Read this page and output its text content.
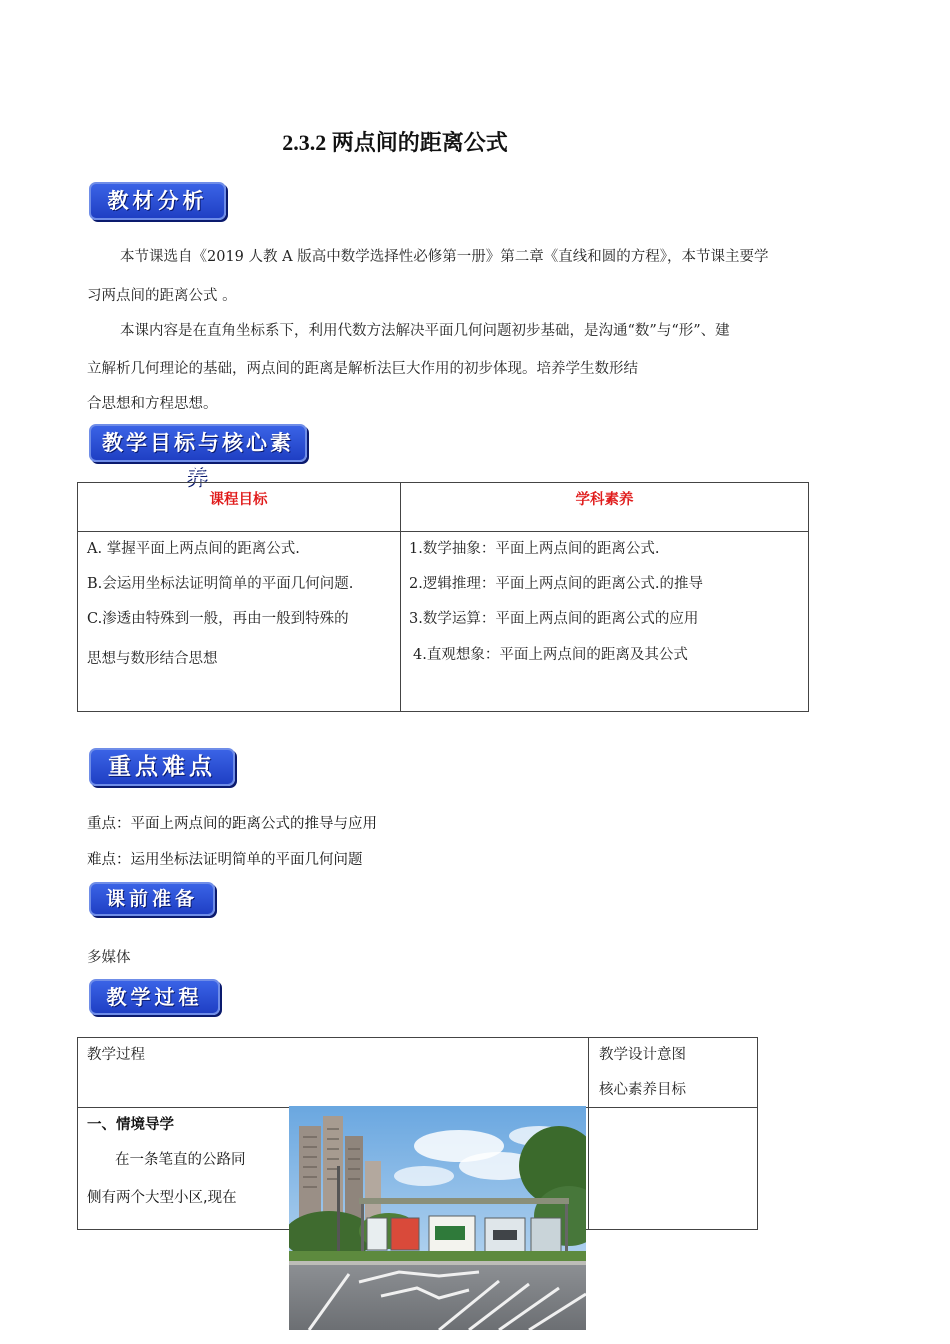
2.3.2 两点间的距离公式
教材分析
本节课选自《2019 人教 A 版高中数学选择性必修第一册》第二章《直线和圆的方程》，本节课主要学
习两点间的距离公式 。
本课内容是在直角坐标系下，利用代数方法解决平面几何问题初步基础，是沟通“数”与“形”、建
立解析几何理论的基础，两点间的距离是解析法巨大作用的初步体现。培养学生数形结
合思想和方程思想。
教学目标与核心素养
课程目标	学科素养
A. 掌握平面上两点间的距离公式.
B.会运用坐标法证明简单的平面几何问题.
C.渗透由特殊到一般，再由一般到特殊的
思想与数形结合思想
1.数学抽象：平面上两点间的距离公式.
2.逻辑推理：平面上两点间的距离公式.的推导
3.数学运算：平面上两点间的距离公式的应用
4.直观想象：平面上两点间的距离及其公式
重点难点
重点：平面上两点间的距离公式的推导与应用
难点：运用坐标法证明简单的平面几何问题
课前准备
多媒体
教学过程
教学过程	教学设计意图
核心素养目标
一、情境导学
在一条笔直的公路同
侧有两个大型小区,现在
